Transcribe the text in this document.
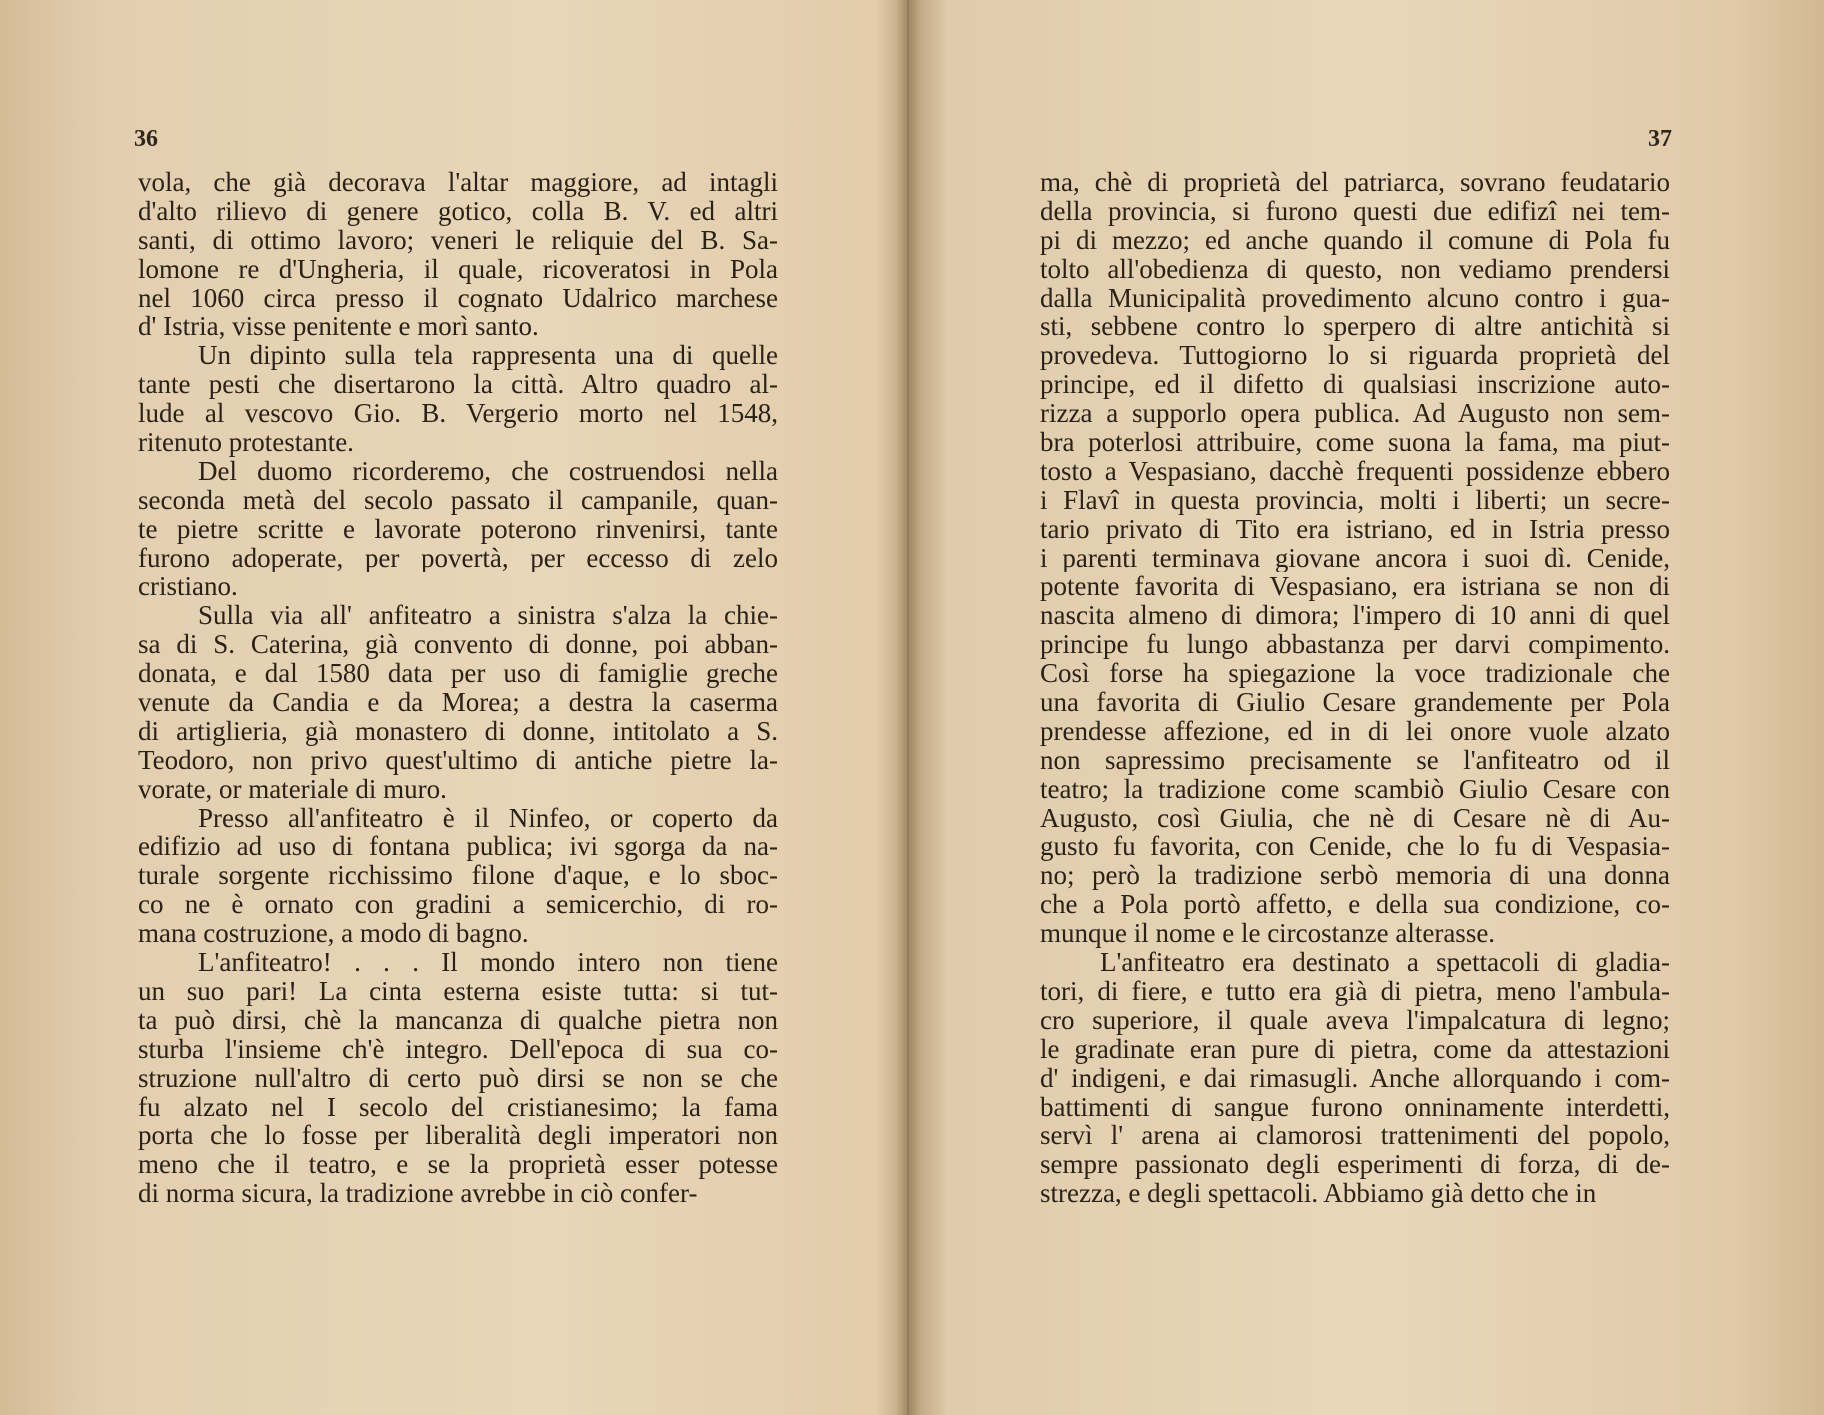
36
vola, che già decorava l'altar maggiore, ad intagli
d'alto rilievo di genere gotico, colla B. V. ed altri
santi, di ottimo lavoro; veneri le reliquie del B. Sa-
lomone re d'Ungheria, il quale, ricoveratosi in Pola
nel 1060 circa presso il cognato Udalrico marchese
d' Istria, visse penitente e morì santo.
Un dipinto sulla tela rappresenta una di quelle
tante pesti che disertarono la città. Altro quadro al-
lude al vescovo Gio. B. Vergerio morto nel 1548,
ritenuto protestante.
Del duomo ricorderemo, che costruendosi nella
seconda metà del secolo passato il campanile, quan-
te pietre scritte e lavorate poterono rinvenirsi, tante
furono adoperate, per povertà, per eccesso di zelo
cristiano.
Sulla via all' anfiteatro a sinistra s'alza la chie-
sa di S. Caterina, già convento di donne, poi abban-
donata, e dal 1580 data per uso di famiglie greche
venute da Candia e da Morea; a destra la caserma
di artiglieria, già monastero di donne, intitolato a S.
Teodoro, non privo quest'ultimo di antiche pietre la-
vorate, or materiale di muro.
Presso all'anfiteatro è il Ninfeo, or coperto da
edifizio ad uso di fontana publica; ivi sgorga da na-
turale sorgente ricchissimo filone d'aque, e lo sboc-
co ne è ornato con gradini a semicerchio, di ro-
mana costruzione, a modo di bagno.
L'anfiteatro! . . . Il mondo intero non tiene
un suo pari! La cinta esterna esiste tutta: si tut-
ta può dirsi, chè la mancanza di qualche pietra non
sturba l'insieme ch'è integro. Dell'epoca di sua co-
struzione null'altro di certo può dirsi se non se che
fu alzato nel I secolo del cristianesimo; la fama
porta che lo fosse per liberalità degli imperatori non
meno che il teatro, e se la proprietà esser potesse
di norma sicura, la tradizione avrebbe in ciò confer-
37
ma, chè di proprietà del patriarca, sovrano feudatario
della provincia, si furono questi due edifizî nei tem-
pi di mezzo; ed anche quando il comune di Pola fu
tolto all'obedienza di questo, non vediamo prendersi
dalla Municipalità provedimento alcuno contro i gua-
sti, sebbene contro lo sperpero di altre antichità si
provedeva. Tuttogiorno lo si riguarda proprietà del
principe, ed il difetto di qualsiasi inscrizione auto-
rizza a supporlo opera publica. Ad Augusto non sem-
bra poterlosi attribuire, come suona la fama, ma piut-
tosto a Vespasiano, dacchè frequenti possidenze ebbero
i Flavî in questa provincia, molti i liberti; un secre-
tario privato di Tito era istriano, ed in Istria presso
i parenti terminava giovane ancora i suoi dì. Cenide,
potente favorita di Vespasiano, era istriana se non di
nascita almeno di dimora; l'impero di 10 anni di quel
principe fu lungo abbastanza per darvi compimento.
Così forse ha spiegazione la voce tradizionale che
una favorita di Giulio Cesare grandemente per Pola
prendesse affezione, ed in di lei onore vuole alzato
non sapressimo precisamente se l'anfiteatro od il
teatro; la tradizione come scambiò Giulio Cesare con
Augusto, così Giulia, che nè di Cesare nè di Au-
gusto fu favorita, con Cenide, che lo fu di Vespasia-
no; però la tradizione serbò memoria di una donna
che a Pola portò affetto, e della sua condizione, co-
munque il nome e le circostanze alterasse.
L'anfiteatro era destinato a spettacoli di gladia-
tori, di fiere, e tutto era già di pietra, meno l'ambula-
cro superiore, il quale aveva l'impalcatura di legno;
le gradinate eran pure di pietra, come da attestazioni
d' indigeni, e dai rimasugli. Anche allorquando i com-
battimenti di sangue furono onninamente interdetti,
servì l' arena ai clamorosi trattenimenti del popolo,
sempre passionato degli esperimenti di forza, di de-
strezza, e degli spettacoli. Abbiamo già detto che in
